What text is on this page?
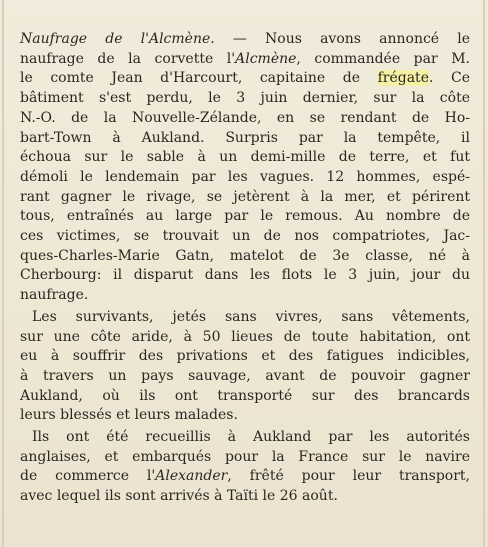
Naufrage de l'Alcmène. — Nous avons annoncé le
naufrage de la corvette l'Alcmène, commandée par M.
le comte Jean d'Harcourt, capitaine de frégate. Ce
bâtiment s'est perdu, le 3 juin dernier, sur la côte
N.-O. de la Nouvelle-Zélande, en se rendant de Ho-
bart-Town à Aukland. Surpris par la tempête, il
échoua sur le sable à un demi-mille de terre, et fut
démoli le lendemain par les vagues. 12 hommes, espé-
rant gagner le rivage, se jetèrent à la mer, et périrent
tous, entraînés au large par le remous. Au nombre de
ces victimes, se trouvait un de nos compatriotes, Jac-
ques-Charles-Marie Gatn, matelot de 3e classe, né à
Cherbourg: il disparut dans les flots le 3 juin, jour du
naufrage.
Les survivants, jetés sans vivres, sans vêtements,
sur une côte aride, à 50 lieues de toute habitation, ont
eu à souffrir des privations et des fatigues indicibles,
à travers un pays sauvage, avant de pouvoir gagner
Aukland, où ils ont transporté sur des brancards
leurs blessés et leurs malades.
Ils ont été recueillis à Aukland par les autorités
anglaises, et embarqués pour la France sur le navire
de commerce l'Alexander, frêté pour leur transport,
avec lequel ils sont arrivés à Taïti le 26 août.
